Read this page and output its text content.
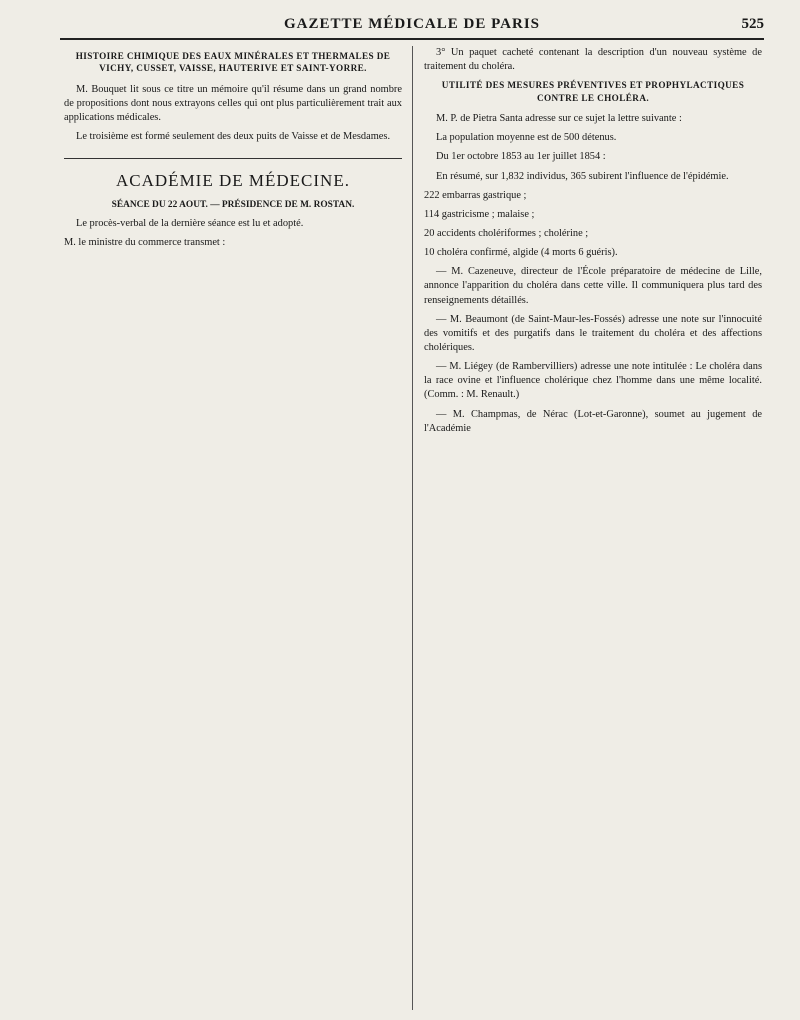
GAZETTE MÉDICALE DE PARIS	525
HISTOIRE CHIMIQUE DES EAUX MINÉRALES ET THERMALES DE VICHY, CUSSET, VAISSE, HAUTERIVE ET SAINT-YORRE.

M. Bouquet lit sous ce titre un mémoire qu'il résume dans un grand nombre de propositions dont nous extrayons celles qui ont plus particulièrement trait aux applications médicales.

Le troisième est formé seulement des deux puits de Vaisse et de Mesdames.

ACADÉMIE DE MÉDECINE.
SÉANCE DU 22 AOUT. — PRÉSIDENCE DE M. ROSTAN.

Le procès-verbal de la dernière séance est lu et adopté.

M. le ministre du commerce transmet :

3° Un paquet cacheté contenant la description d'un nouveau système de traitement du choléra.

UTILITÉ DES MESURES PRÉVENTIVES ET PROPHYLACTIQUES CONTRE LE CHOLÉRA.

M. P. de Pietra Santa adresse sur ce sujet la lettre suivante :

La population moyenne est de 500 détenus.

Du 1er octobre 1853 au 1er juillet 1854 :

En résumé, sur 1,832 individus, 365 subirent l'influence de l'épidémie.

222 embarras gastrique ;

114 gastricisme ; malaise ;

20 accidents cholériformes ; cholérine ;

10 choléra confirmé, algide (4 morts 6 guéris).

— M. Cazeneuve, directeur de l'École préparatoire de médecine de Lille, annonce l'apparition du choléra dans cette ville. Il communiquera plus tard des renseignements détaillés.

— M. Beaumont (de Saint-Maur-les-Fossés) adresse une note sur l'innocuité des vomitifs et des purgatifs dans le traitement du choléra et des affections cholériques.

— M. Liégey (de Rambervilliers) adresse une note intitulée : Le choléra dans la race ovine et l'influence cholérique chez l'homme dans une même localité. (Comm. : M. Renault.)

— M. Champmas, de Nérac (Lot-et-Garonne), soumet au jugement de l'Académie
